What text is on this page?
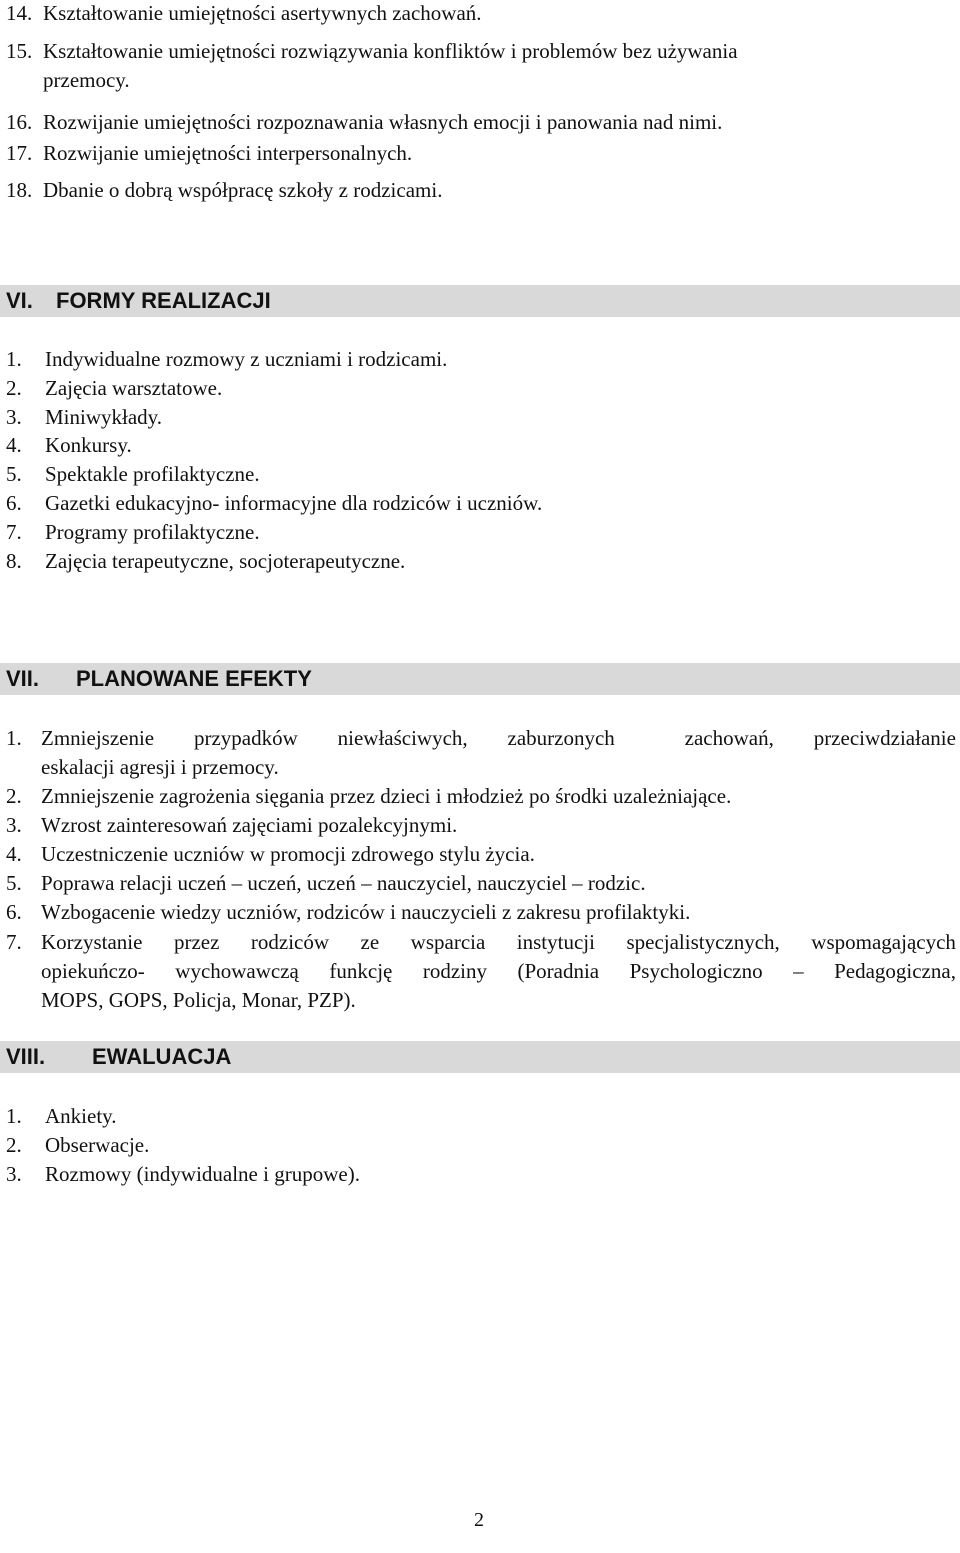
14. Kształtowanie umiejętności asertywnych zachowań.
15. Kształtowanie umiejętności rozwiązywania konfliktów i problemów bez używania
przemocy.
16. Rozwijanie umiejętności rozpoznawania własnych emocji i panowania nad nimi.
17. Rozwijanie umiejętności interpersonalnych.
18. Dbanie o dobrą współpracę szkoły z rodzicami.
VI. FORMY REALIZACJI
1. Indywidualne rozmowy z uczniami i rodzicami.
2. Zajęcia warsztatowe.
3. Miniwykłady.
4. Konkursy.
5. Spektakle profilaktyczne.
6. Gazetki edukacyjno- informacyjne dla rodziców i uczniów.
7. Programy profilaktyczne.
8. Zajęcia terapeutyczne, socjoterapeutyczne.
VII. PLANOWANE EFEKTY
1. Zmniejszenie przypadków niewłaściwych, zaburzonych	zachowań, przeciwdziałanie
eskalacji agresji i przemocy.
2. Zmniejszenie zagrożenia sięgania przez dzieci i młodzież po środki uzależniające.
3. Wzrost zainteresowań zajęciami pozalekcyjnymi.
4. Uczestniczenie uczniów w promocji zdrowego stylu życia.
5. Poprawa relacji uczeń – uczeń, uczeń – nauczyciel, nauczyciel – rodzic.
6. Wzbogacenie wiedzy uczniów, rodziców i nauczycieli z zakresu profilaktyki.
7. Korzystanie przez rodziców ze wsparcia instytucji specjalistycznych, wspomagających
opiekuńczo- wychowawczą funkcję rodziny (Poradnia Psychologiczno – Pedagogiczna,
MOPS, GOPS, Policja, Monar, PZP).
VIII. EWALUACJA
1. Ankiety.
2. Obserwacje.
3. Rozmowy (indywidualne i grupowe).
2
